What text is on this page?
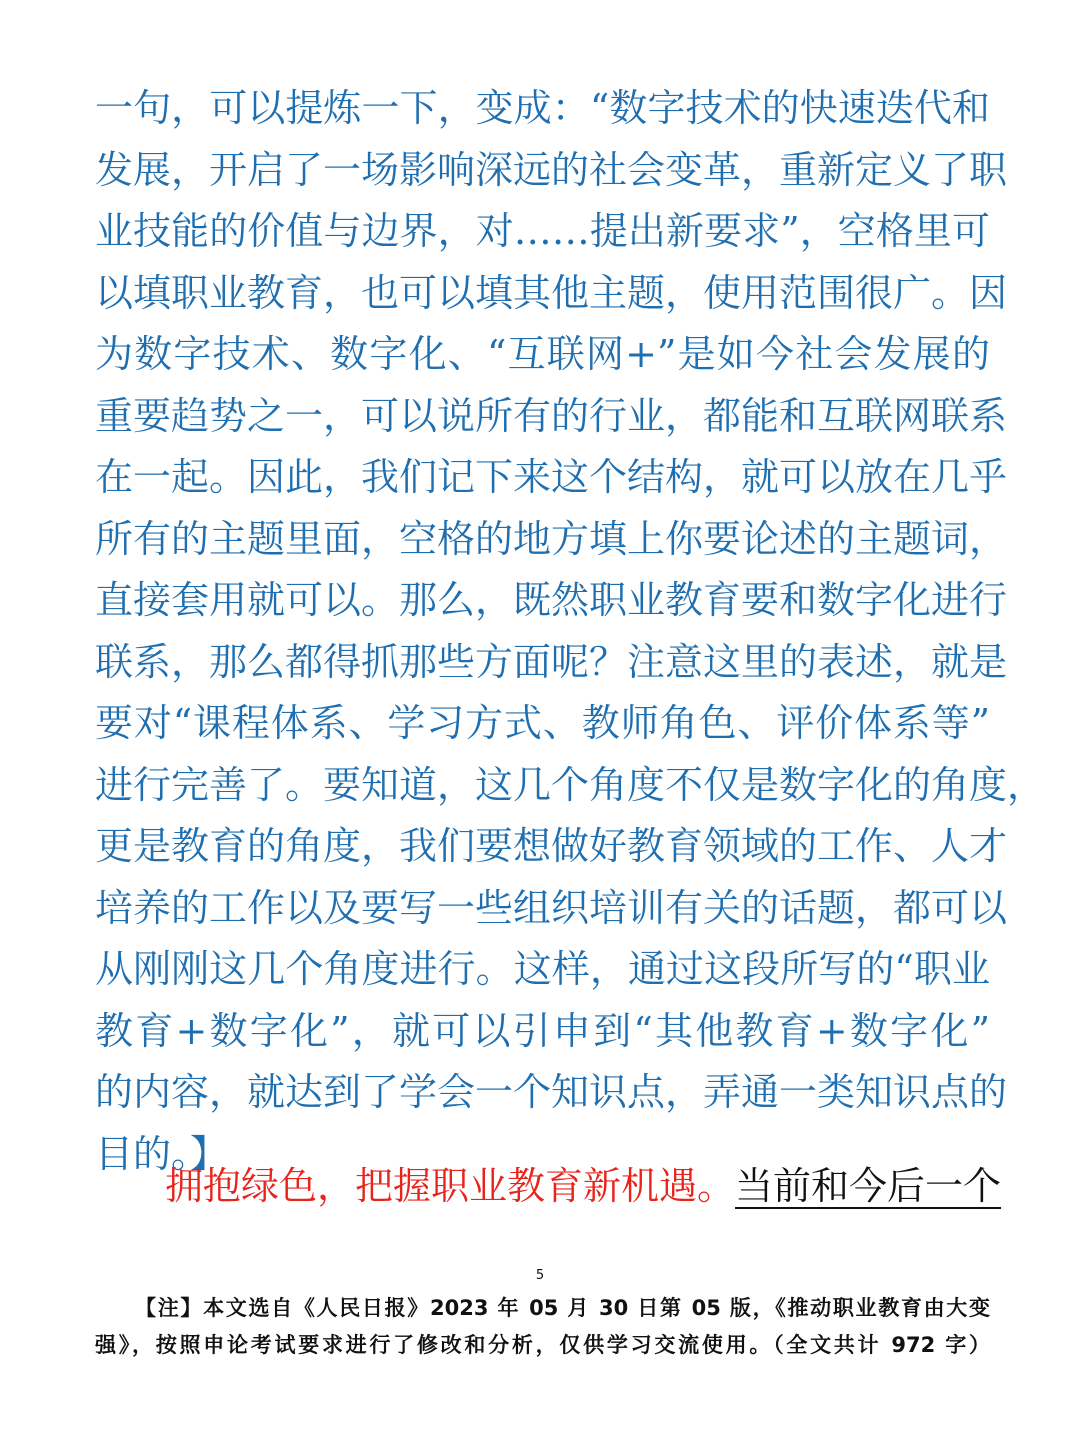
一句，可以提炼一下，变成：“数字技术的快速迭代和
发展，开启了一场影响深远的社会变革，重新定义了职
业技能的价值与边界，对……提出新要求”，空格里可
以填职业教育，也可以填其他主题，使用范围很广。因
为数字技术、数字化、“互联网+”是如今社会发展的
重要趋势之一，可以说所有的行业，都能和互联网联系
在一起。因此，我们记下来这个结构，就可以放在几乎
所有的主题里面，空格的地方填上你要论述的主题词，
直接套用就可以。那么，既然职业教育要和数字化进行
联系，那么都得抓那些方面呢？注意这里的表述，就是
要对“课程体系、学习方式、教师角色、评价体系等”
进行完善了。要知道，这几个角度不仅是数字化的角度，
更是教育的角度，我们要想做好教育领域的工作、人才
培养的工作以及要写一些组织培训有关的话题，都可以
从刚刚这几个角度进行。这样，通过这段所写的“职业
教育+数字化”，就可以引申到“其他教育+数字化”
的内容，就达到了学会一个知识点，弄通一类知识点的
目的。】
拥抱绿色，把握职业教育新机遇。 当前和今后一个
5
【注】本文选自《人民日报》2023 年 05 月 30 日第 05 版，《推动职业教育由大变
强》，按照申论考试要求进行了修改和分析，仅供学习交流使用。（全文共计 972 字）
